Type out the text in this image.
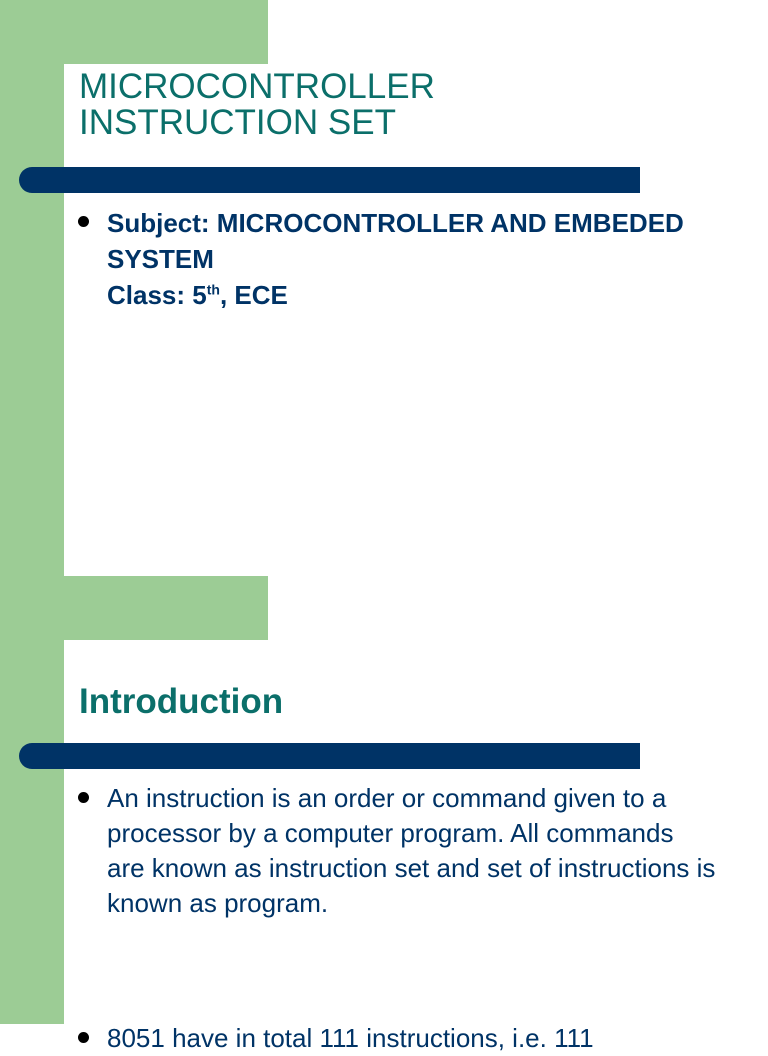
MICROCONTROLLER
INSTRUCTION SET
Subject: MICROCONTROLLER AND EMBEDED SYSTEM
Class: 5th, ECE
Introduction
An instruction is an order or command given to a processor by a computer program. All commands are known as instruction set and set of instructions is known as program.
8051 have in total 111 instructions, i.e. 111
